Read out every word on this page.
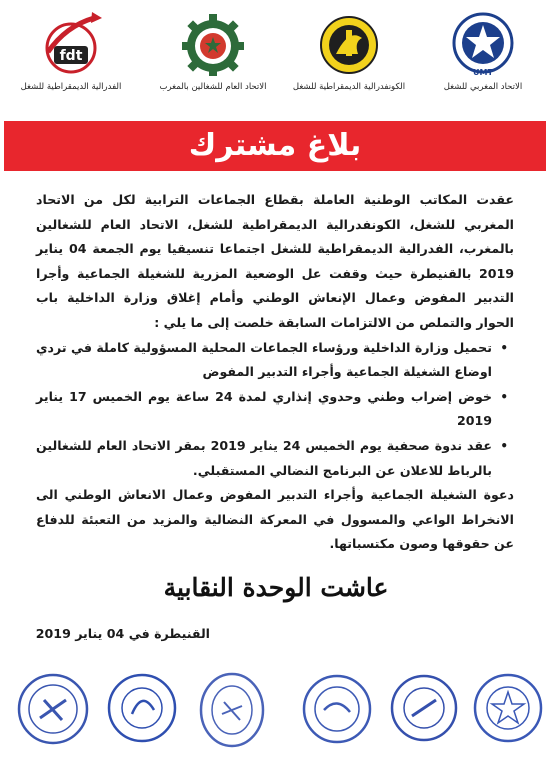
fdt
الفدرالية الديمقراطية للشغل	الاتحاد العام للشغالين بالمغرب	الكونفدرالية الديمقراطية للشغل
UMT
الاتحاد المغربي للشغل
بلاغ مشترك

عقدت المكاتب الوطنية العاملة بقطاع الجماعات الترابية لكل من الاتحاد المغربي للشغل، الكونفدرالية الديمقراطية للشغل، الاتحاد العام للشغالين بالمغرب، الفدرالية الديمقراطية للشغل اجتماعا تنسيقيا يوم الجمعة 04 يناير 2019 بالقنيطرة حيث وقفت عل الوضعية المزرية للشغيلة الجماعية وأجرا التدبير المفوض وعمال الإنعاش الوطني وأمام إغلاق وزارة الداخلية باب الحوار والتملص من الالتزامات السابقة خلصت إلى ما يلي :

•
تحميل وزارة الداخلية ورؤساء الجماعات المحلية المسؤولية كاملة في تردي اوضاع الشغيلة الجماعية وأجراء التدبير المفوض
•
خوض إضراب وطني وحدوي إنذاري لمدة 24 ساعة يوم الخميس 17 يناير 2019
•
عقد ندوة صحفية يوم الخميس 24 يناير 2019 بمقر الاتحاد العام للشغالين بالرباط للاعلان عن البرنامج النضالي المستقبلي.

دعوة الشغيلة الجماعية وأجراء التدبير المفوض وعمال الانعاش الوطني الى الانخراط الواعي والمسوول في المعركة النضالية والمزيد من التعبئة للدفاع عن حقوقها وصون مكتسباتها.

عاشت الوحدة النقابية
القنيطرة في 04 يناير 2019
